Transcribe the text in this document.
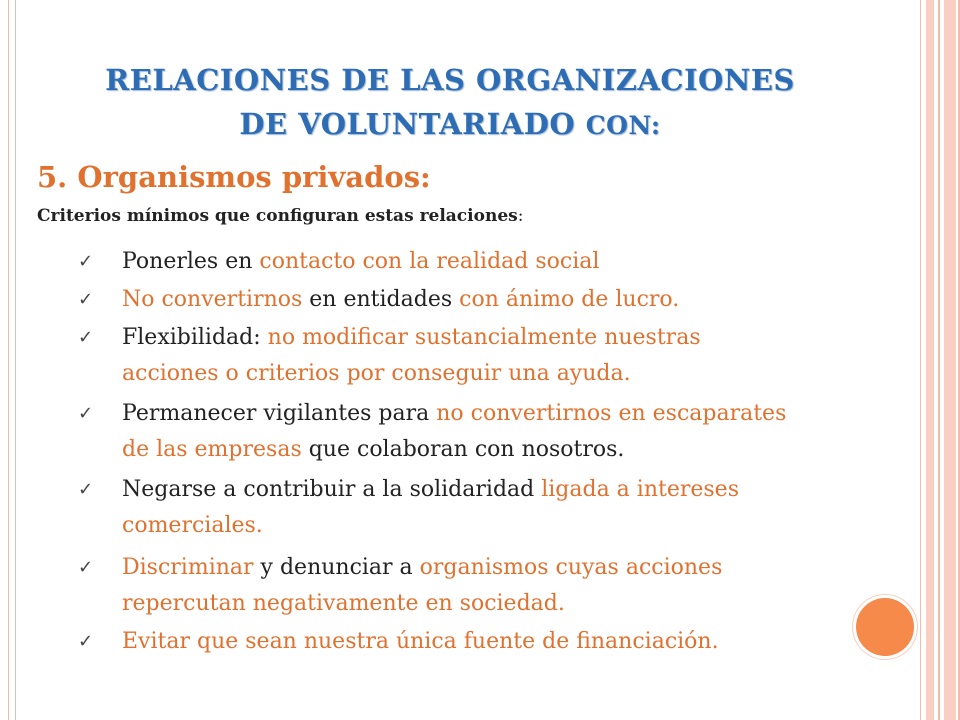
RELACIONES DE LAS ORGANIZACIONES
DE VOLUNTARIADO CON:
5. Organismos privados:
Criterios mínimos que configuran estas relaciones:
✓ Ponerles en contacto con la realidad social
✓ No convertirnos en entidades con ánimo de lucro.
✓ Flexibilidad: no modificar sustancialmente nuestras
acciones o criterios por conseguir una ayuda.
✓ Permanecer vigilantes para no convertirnos en escaparates
de las empresas que colaboran con nosotros.
✓ Negarse a contribuir a la solidaridad ligada a intereses
comerciales.
✓ Discriminar y denunciar a organismos cuyas acciones
repercutan negativamente en sociedad.
✓ Evitar que sean nuestra única fuente de financiación.
